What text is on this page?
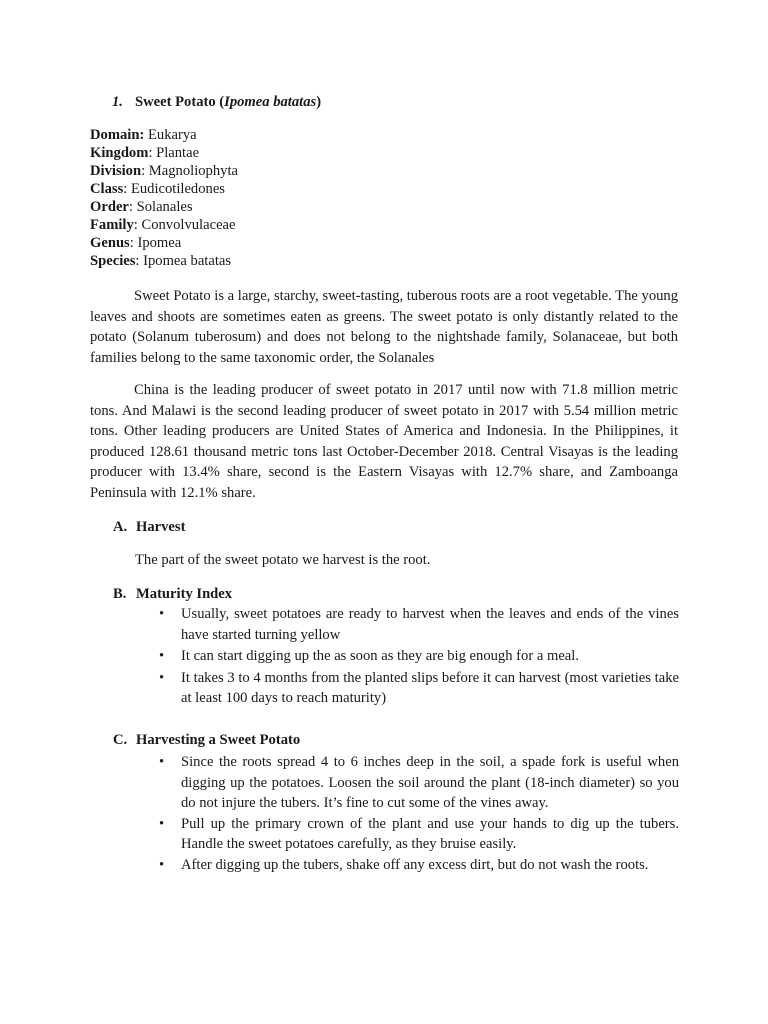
1. Sweet Potato (Ipomea batatas)
Domain: Eukarya
Kingdom: Plantae
Division: Magnoliophyta
Class: Eudicotiledones
Order: Solanales
Family: Convolvulaceae
Genus: Ipomea
Species: Ipomea batatas

Sweet Potato is a large, starchy, sweet-tasting, tuberous roots are a root vegetable. The young leaves and shoots are sometimes eaten as greens. The sweet potato is only distantly related to the potato (Solanum tuberosum) and does not belong to the nightshade family, Solanaceae, but both families belong to the same taxonomic order, the Solanales

China is the leading producer of sweet potato in 2017 until now with 71.8 million metric tons. And Malawi is the second leading producer of sweet potato in 2017 with 5.54 million metric tons. Other leading producers are United States of America and Indonesia. In the Philippines, it produced 128.61 thousand metric tons last October-December 2018. Central Visayas is the leading producer with 13.4% share, second is the Eastern Visayas with 12.7% share, and Zamboanga Peninsula with 12.1% share.

A. Harvest
The part of the sweet potato we harvest is the root.
B. Maturity Index
•	Usually, sweet potatoes are ready to harvest when the leaves and ends of the vines have started turning yellow
•	It can start digging up the as soon as they are big enough for a meal.
•	It takes 3 to 4 months from the planted slips before it can harvest (most varieties take at least 100 days to reach maturity)
C. Harvesting a Sweet Potato
•	Since the roots spread 4 to 6 inches deep in the soil, a spade fork is useful when digging up the potatoes. Loosen the soil around the plant (18-inch diameter) so you do not injure the tubers. It’s fine to cut some of the vines away.
•	Pull up the primary crown of the plant and use your hands to dig up the tubers. Handle the sweet potatoes carefully, as they bruise easily.
•	After digging up the tubers, shake off any excess dirt, but do not wash the roots.
